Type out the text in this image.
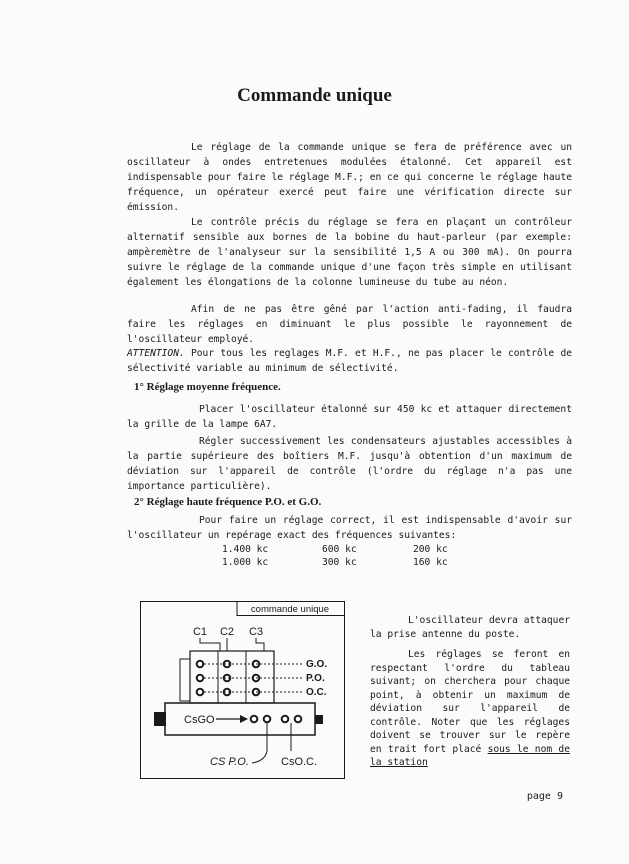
Commande unique

Le réglage de la commande unique se fera de préférence avec un oscillateur à ondes entretenues modulées étalonné. Cet appareil est indispensable pour faire le réglage M.F.; en ce qui concerne le réglage haute fréquence, un opérateur exercé peut faire une vérification directe sur émission.

Le contrôle précis du réglage se fera en plaçant un contrôleur alternatif sensible aux bornes de la bobine du haut-parleur (par exemple: ampèremètre de l'analyseur sur la sensibilité 1,5 A ou 300 mA). On pourra suivre le réglage de la commande unique d'une façon très simple en utilisant également les élongations de la colonne lumineuse du tube au néon.

Afin de ne pas être gêné par l'action anti-fading, il faudra faire les réglages en diminuant le plus possible le rayonnement de l'oscillateur employé.

ATTENTION. Pour tous les reglages M.F. et H.F., ne pas placer le contrôle de sélectivité variable au minimum de sélectivité.

1° Réglage moyenne fréquence.

Placer l'oscillateur étalonné sur 450 kc et attaquer directement la grille de la lampe 6A7.

Régler successivement les condensateurs ajustables accessibles à la partie supérieure des boîtiers M.F. jusqu'à obtention d'un maximum de déviation sur l'appareil de contrôle (l'ordre du réglage n'a pas une importance particulière).

2° Réglage haute fréquence P.O. et G.O.

Pour faire un réglage correct, il est indispensable d'avoir sur l'oscillateur un repérage exact des fréquences suivantes:

1.400 kc
1.000 kc
600 kc
300 kc
200 kc
160 kc
commande unique
C1 C2 C3
G.O.
P.O.
O.C.
CsGO
CS P.O.	CsO.C.

L'oscillateur devra attaquer la prise antenne du poste.

Les réglages se feront en respectant l'ordre du tableau suivant; on cherchera pour chaque point, à obtenir un maximum de déviation sur l'appareil de contrôle. Noter que les réglages doivent se trouver sur le repère en trait fort placé sous le nom de la station

page 9
